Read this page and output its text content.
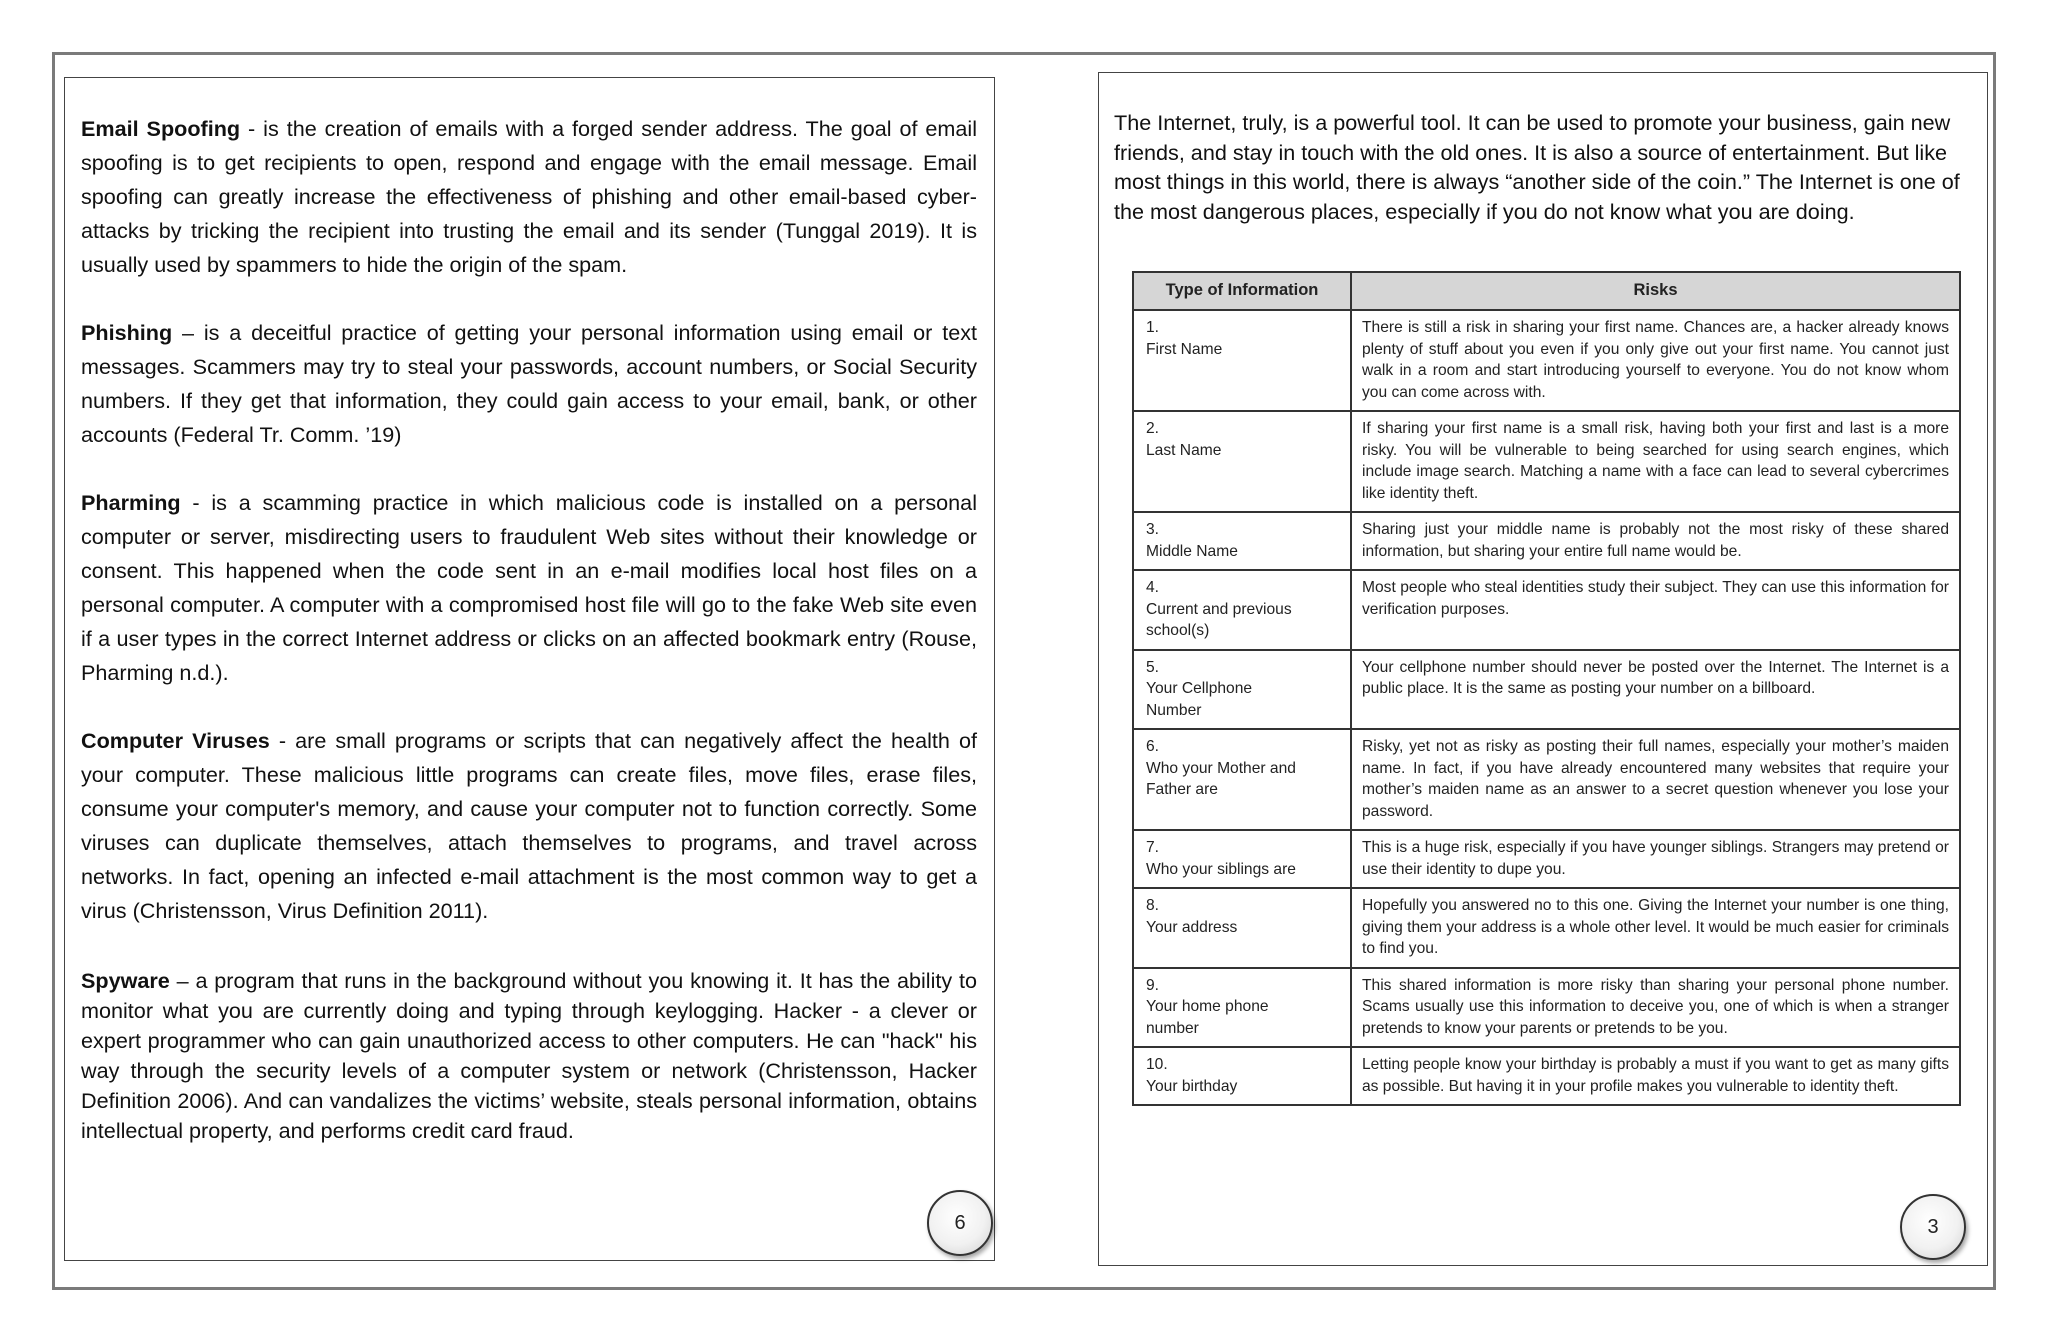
Email Spoofing - is the creation of emails with a forged sender address. The goal of email spoofing is to get recipients to open, respond and engage with the email message. Email spoofing can greatly increase the effectiveness of phishing and other email-based cyber-attacks by tricking the recipient into trusting the email and its sender (Tunggal 2019). It is usually used by spammers to hide the origin of the spam.

Phishing – is a deceitful practice of getting your personal information using email or text messages. Scammers may try to steal your passwords, account numbers, or Social Security numbers. If they get that information, they could gain access to your email, bank, or other accounts (Federal Tr. Comm. ’19)

Pharming - is a scamming practice in which malicious code is installed on a personal computer or server, misdirecting users to fraudulent Web sites without their knowledge or consent. This happened when the code sent in an e-mail modifies local host files on a personal computer. A computer with a compromised host file will go to the fake Web site even if a user types in the correct Internet address or clicks on an affected bookmark entry (Rouse, Pharming n.d.).

Computer Viruses - are small programs or scripts that can negatively affect the health of your computer. These malicious little programs can create files, move files, erase files, consume your computer's memory, and cause your computer not to function correctly. Some viruses can duplicate themselves, attach themselves to programs, and travel across networks. In fact, opening an infected e-mail attachment is the most common way to get a virus (Christensson, Virus Definition 2011).

Spyware – a program that runs in the background without you knowing it. It has the ability to monitor what you are currently doing and typing through keylogging. Hacker - a clever or expert programmer who can gain unauthorized access to other computers. He can "hack" his way through the security levels of a computer system or network (Christensson, Hacker Definition 2006). And can vandalizes the victims’ website, steals personal information, obtains intellectual property, and performs credit card fraud.

6

The Internet, truly, is a powerful tool. It can be used to promote your business, gain new friends, and stay in touch with the old ones. It is also a source of entertainment. But like most things in this world, there is always “another side of the coin.” The Internet is one of the most dangerous places, especially if you do not know what you are doing.

Type of Information	Risks
1.First Name	There is still a risk in sharing your first name. Chances are, a hacker already knows plenty of stuff about you even if you only give out your first name. You cannot just walk in a room and start introducing yourself to everyone. You do not know whom you can come across with.
2.Last Name	If sharing your first name is a small risk, having both your first and last is a more risky. You will be vulnerable to being searched for using search engines, which include image search. Matching a name with a face can lead to several cybercrimes like identity theft.
3.Middle Name	Sharing just your middle name is probably not the most risky of these shared information, but sharing your entire full name would be.
4.Current and previous school(s)	Most people who steal identities study their subject. They can use this information for verification purposes.
5.Your Cellphone Number	Your cellphone number should never be posted over the Internet. The Internet is a public place. It is the same as posting your number on a billboard.
6.Who your Mother and Father are	Risky, yet not as risky as posting their full names, especially your mother’s maiden name. In fact, if you have already encountered many websites that require your mother’s maiden name as an answer to a secret question whenever you lose your password.
7.Who your siblings are	This is a huge risk, especially if you have younger siblings. Strangers may pretend or use their identity to dupe you.
8.Your address	Hopefully you answered no to this one. Giving the Internet your number is one thing, giving them your address is a whole other level. It would be much easier for criminals to find you.
9.Your home phone number	This shared information is more risky than sharing your personal phone number. Scams usually use this information to deceive you, one of which is when a stranger pretends to know your parents or pretends to be you.
10.Your birthday	Letting people know your birthday is probably a must if you want to get as many gifts as possible. But having it in your profile makes you vulnerable to identity theft.
3
